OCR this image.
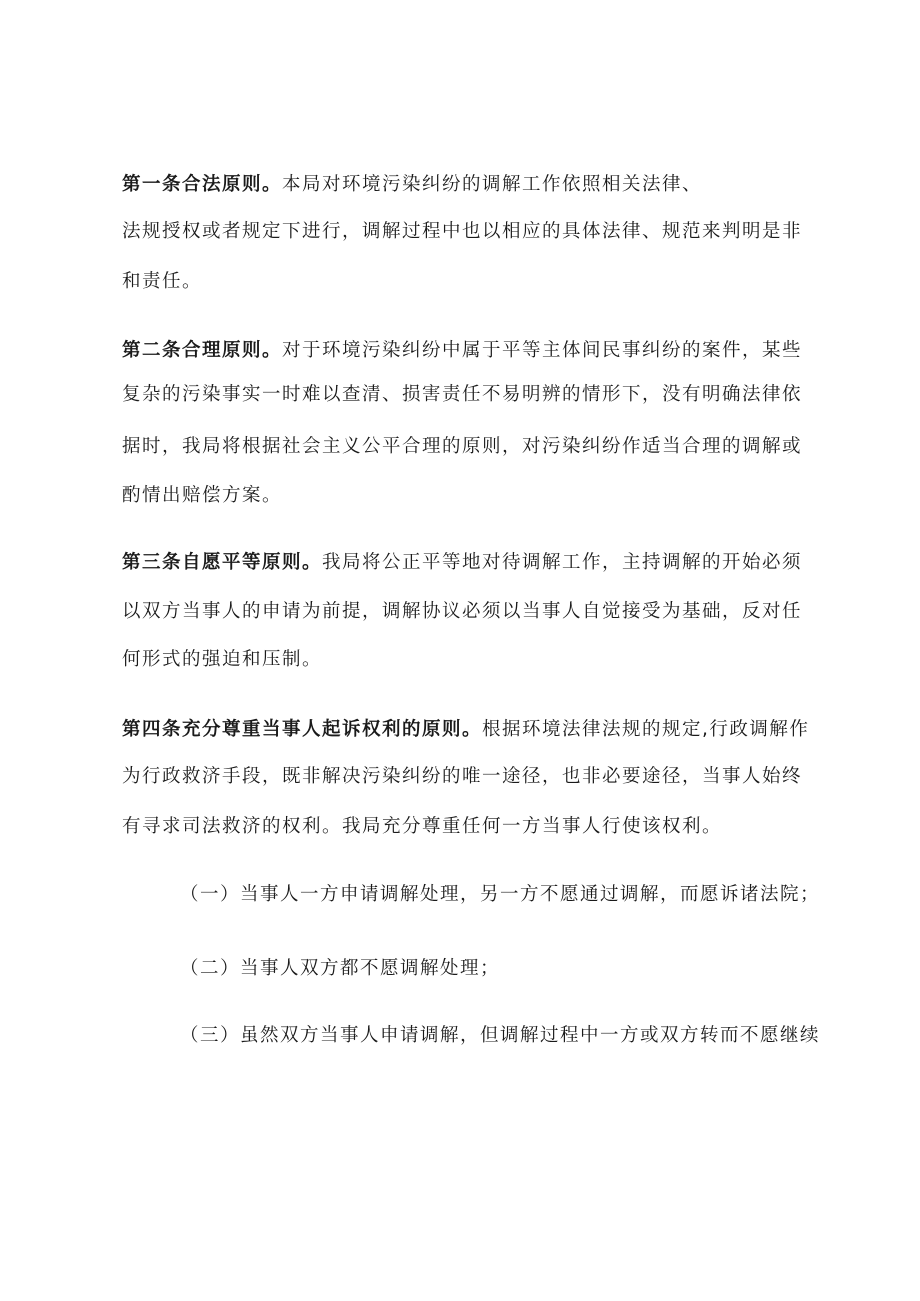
第一条合法原则。本局对环境污染纠纷的调解工作依照相关法律、
法规授权或者规定下进行，调解过程中也以相应的具体法律、规范来判明是非
和责任。
第二条合理原则。对于环境污染纠纷中属于平等主体间民事纠纷的案件，某些
复杂的污染事实一时难以查清、损害责任不易明辨的情形下，没有明确法律依
据时，我局将根据社会主义公平合理的原则，对污染纠纷作适当合理的调解或
酌情出赔偿方案。
第三条自愿平等原则。我局将公正平等地对待调解工作，主持调解的开始必须
以双方当事人的申请为前提，调解协议必须以当事人自觉接受为基础，反对任
何形式的强迫和压制。
第四条充分尊重当事人起诉权利的原则。根据环境法律法规的规定,行政调解作
为行政救济手段，既非解决污染纠纷的唯一途径，也非必要途径，当事人始终
有寻求司法救济的权利。我局充分尊重任何一方当事人行使该权利。
（一）当事人一方申请调解处理，另一方不愿通过调解，而愿诉诸法院；
（二）当事人双方都不愿调解处理；
（三）虽然双方当事人申请调解，但调解过程中一方或双方转而不愿继续
